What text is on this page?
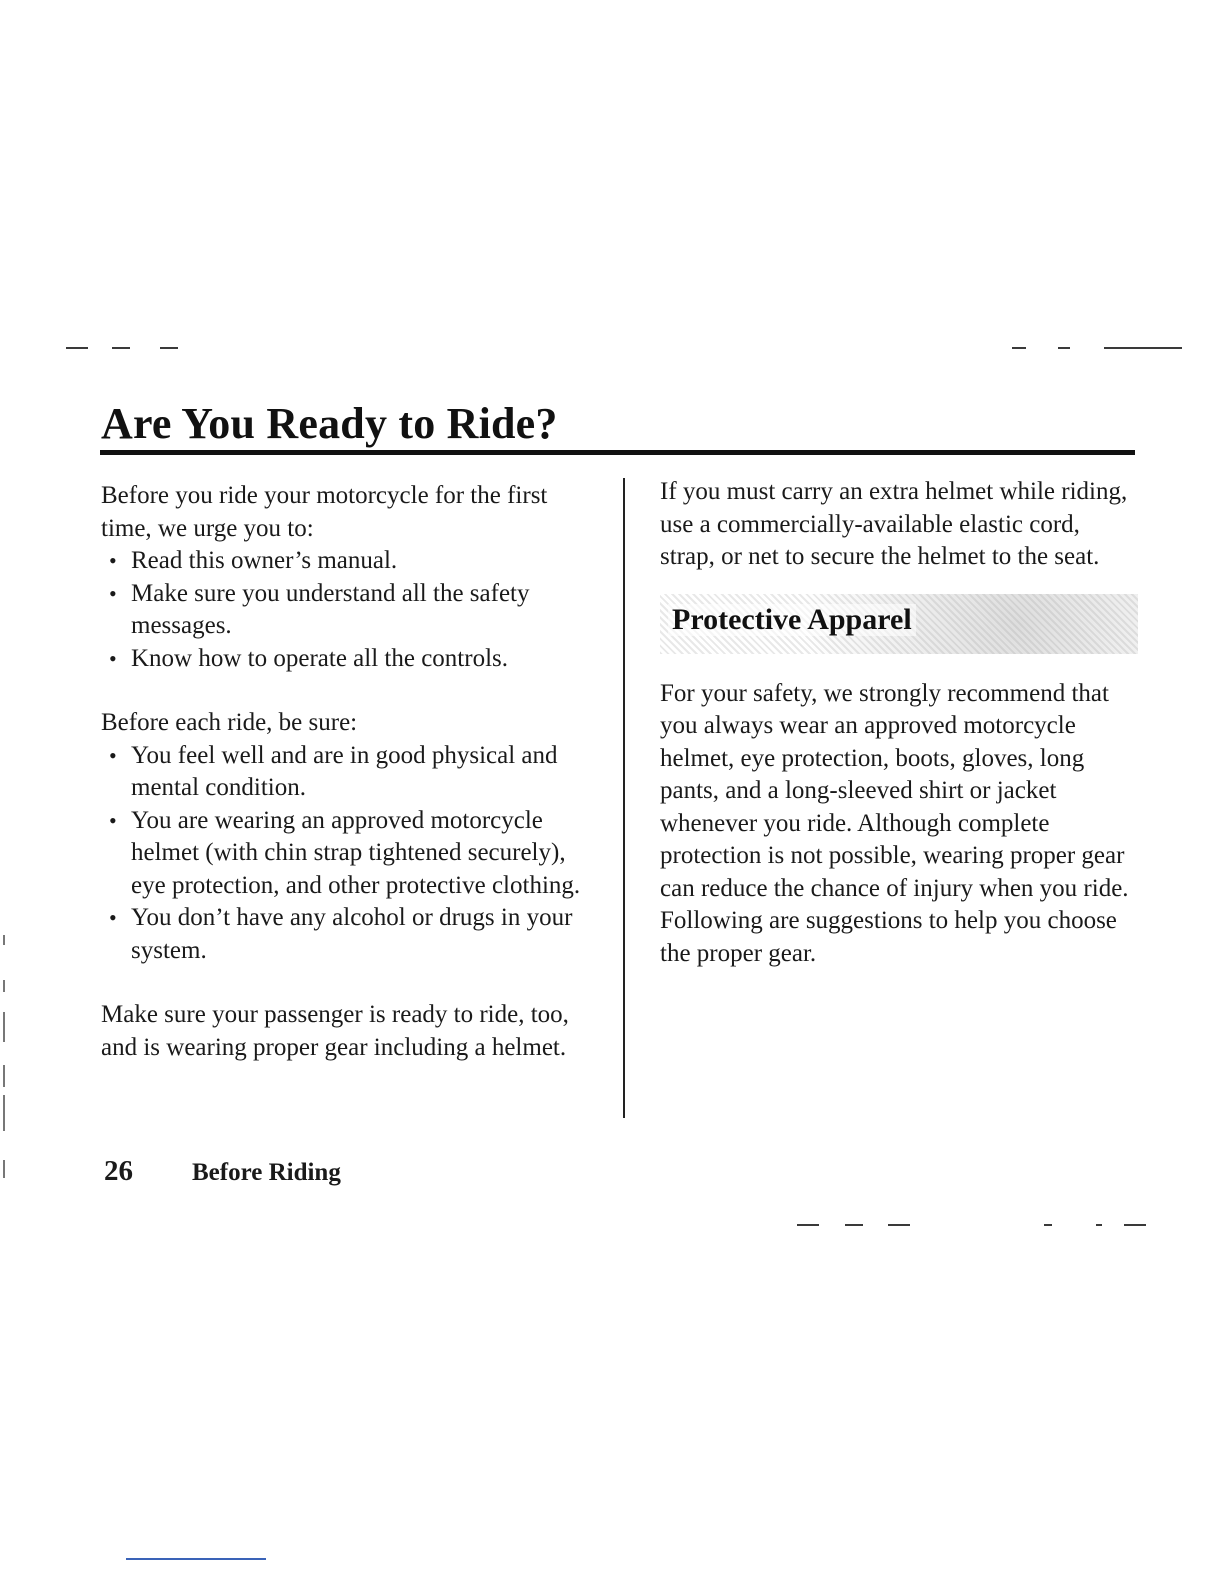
Are You Ready to Ride?

Before you ride your motorcycle for the first time, we urge you to:

• Read this owner’s manual.
• Make sure you understand all the safety messages.
• Know how to operate all the controls.

Before each ride, be sure:

• You feel well and are in good physical and mental condition.
• You are wearing an approved motorcycle helmet (with chin strap tightened securely), eye protection, and other protective clothing.
• You don’t have any alcohol or drugs in your system.

Make sure your passenger is ready to ride, too, and is wearing proper gear including a helmet.

If you must carry an extra helmet while riding, use a commercially-available elastic cord, strap, or net to secure the helmet to the seat.

Protective Apparel

For your safety, we strongly recommend that you always wear an approved motorcycle helmet, eye protection, boots, gloves, long pants, and a long-sleeved shirt or jacket whenever you ride. Although complete protection is not possible, wearing proper gear can reduce the chance of injury when you ride. Following are suggestions to help you choose the proper gear.

26 Before Riding
